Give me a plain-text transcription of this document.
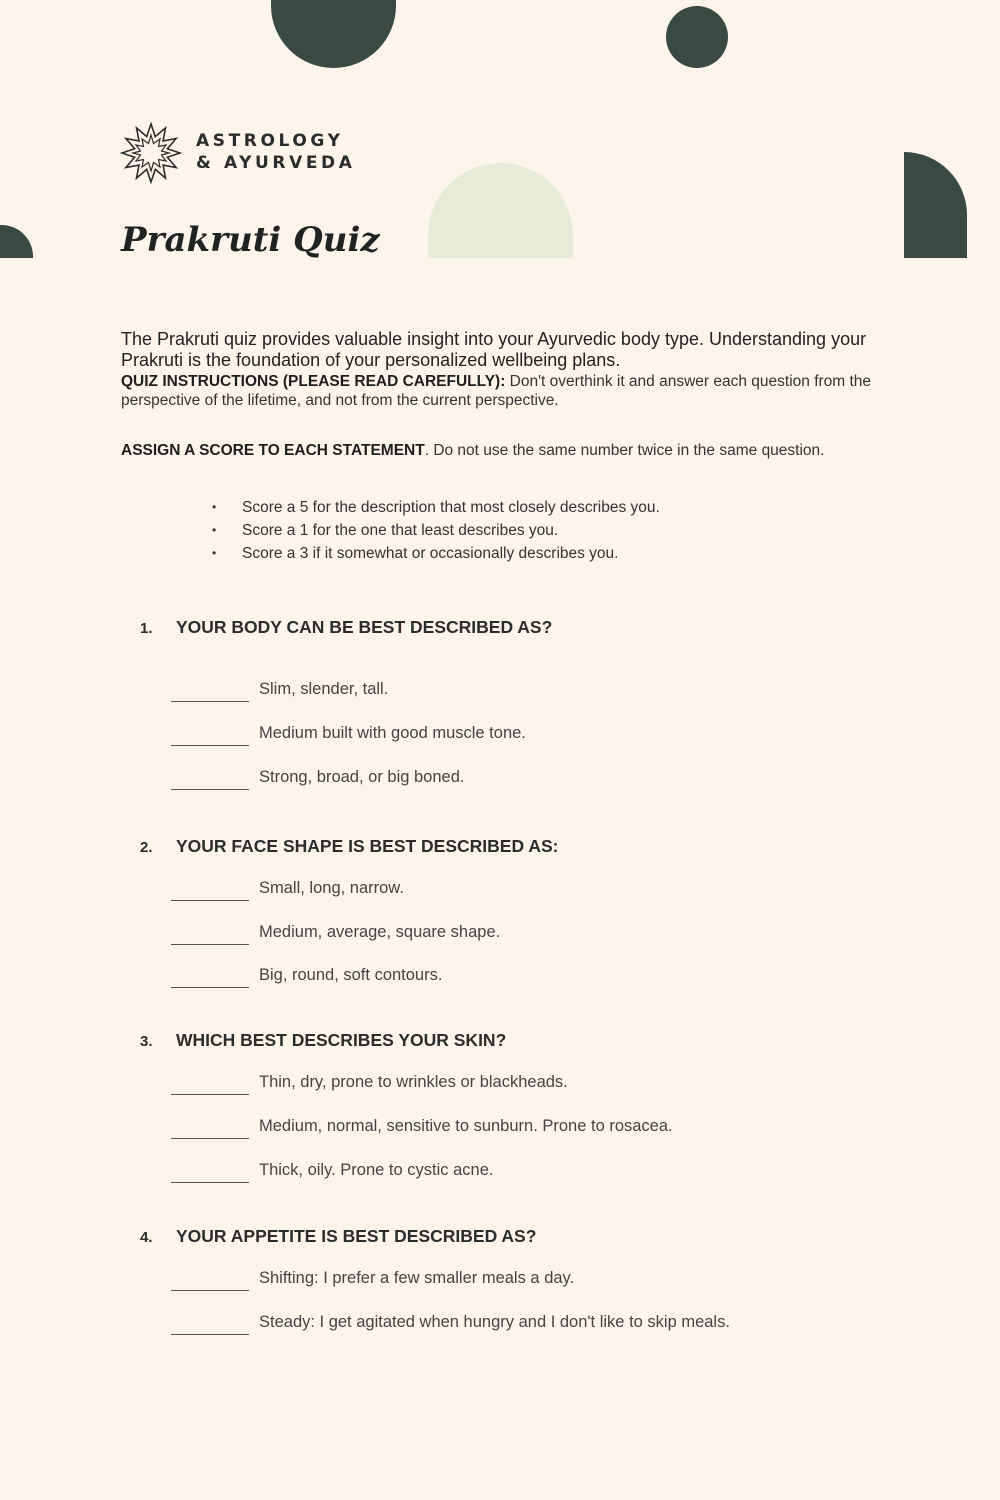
ASTROLOGY
& AYURVEDA
Prakruti Quiz

The Prakruti quiz provides valuable insight into your Ayurvedic body type. Understanding your Prakruti is the foundation of your personalized wellbeing plans.

QUIZ INSTRUCTIONS (PLEASE READ CAREFULLY): Don't overthink it and answer each question from the perspective of the lifetime, and not from the current perspective.

ASSIGN A SCORE TO EACH STATEMENT. Do not use the same number twice in the same question.

• Score a 5 for the description that most closely describes you.
• Score a 1 for the one that least describes you.
• Score a 3 if it somewhat or occasionally describes you.
1. YOUR BODY CAN BE BEST DESCRIBED AS?
Slim, slender, tall.
Medium built with good muscle tone.
Strong, broad, or big boned.
2. YOUR FACE SHAPE IS BEST DESCRIBED AS:
Small, long, narrow.
Medium, average, square shape.
Big, round, soft contours.
3. WHICH BEST DESCRIBES YOUR SKIN?
Thin, dry, prone to wrinkles or blackheads.
Medium, normal, sensitive to sunburn. Prone to rosacea.
Thick, oily. Prone to cystic acne.
4. YOUR APPETITE IS BEST DESCRIBED AS?
Shifting: I prefer a few smaller meals a day.
Steady: I get agitated when hungry and I don't like to skip meals.
